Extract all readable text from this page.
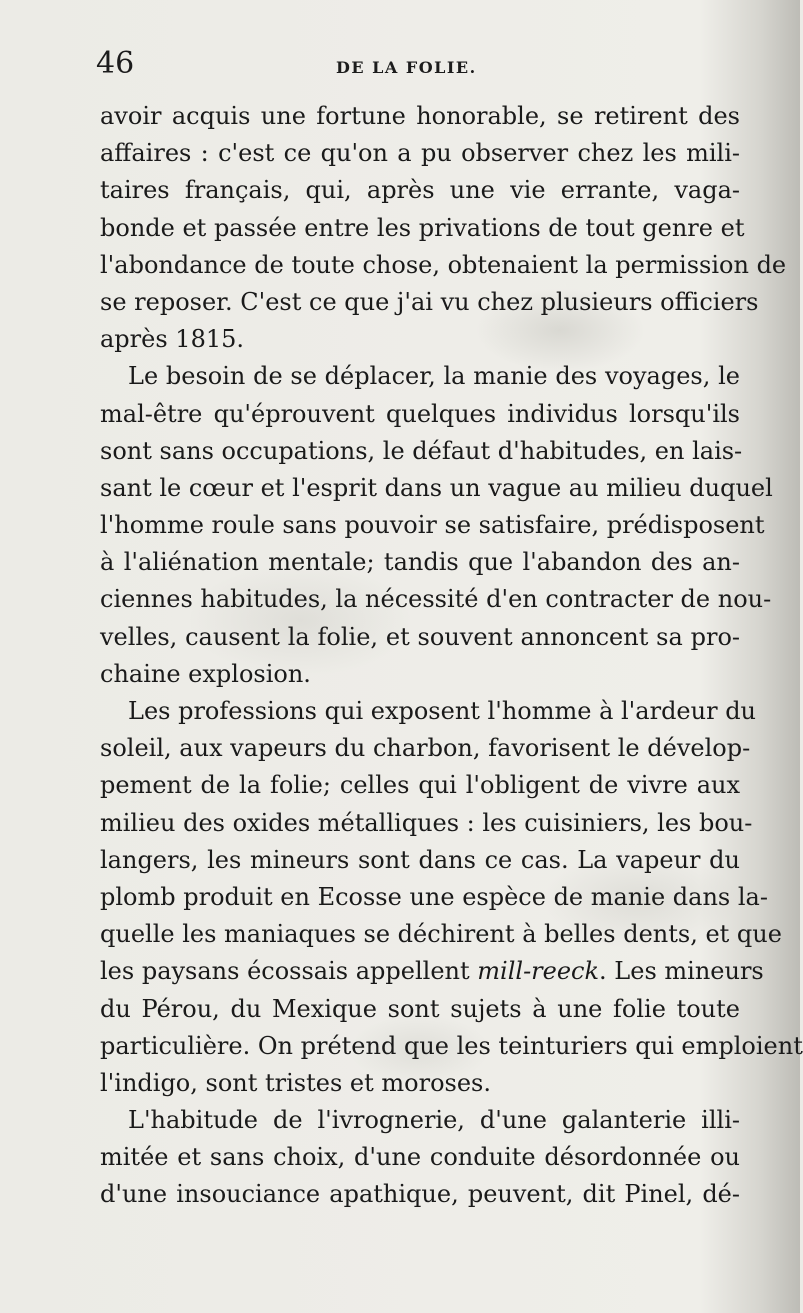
46	DE LA FOLIE.
avoir acquis une fortune honorable, se retirent des
affaires : c'est ce qu'on a pu observer chez les mili-
taires français, qui, après une vie errante, vaga-
bonde et passée entre les privations de tout genre et
l'abondance de toute chose, obtenaient la permission de
se reposer. C'est ce que j'ai vu chez plusieurs officiers
après 1815.
Le besoin de se déplacer, la manie des voyages, le
mal-être qu'éprouvent quelques individus lorsqu'ils
sont sans occupations, le défaut d'habitudes, en lais-
sant le cœur et l'esprit dans un vague au milieu duquel
l'homme roule sans pouvoir se satisfaire, prédisposent
à l'aliénation mentale; tandis que l'abandon des an-
ciennes habitudes, la nécessité d'en contracter de nou-
velles, causent la folie, et souvent annoncent sa pro-
chaine explosion.
Les professions qui exposent l'homme à l'ardeur du
soleil, aux vapeurs du charbon, favorisent le dévelop-
pement de la folie; celles qui l'obligent de vivre aux
milieu des oxides métalliques : les cuisiniers, les bou-
langers, les mineurs sont dans ce cas. La vapeur du
plomb produit en Ecosse une espèce de manie dans la-
quelle les maniaques se déchirent à belles dents, et que
les paysans écossais appellent mill-reeck. Les mineurs
du Pérou, du Mexique sont sujets à une folie toute
particulière. On prétend que les teinturiers qui emploient
l'indigo, sont tristes et moroses.
L'habitude de l'ivrognerie, d'une galanterie illi-
mitée et sans choix, d'une conduite désordonnée ou
d'une insouciance apathique, peuvent, dit Pinel, dé-
